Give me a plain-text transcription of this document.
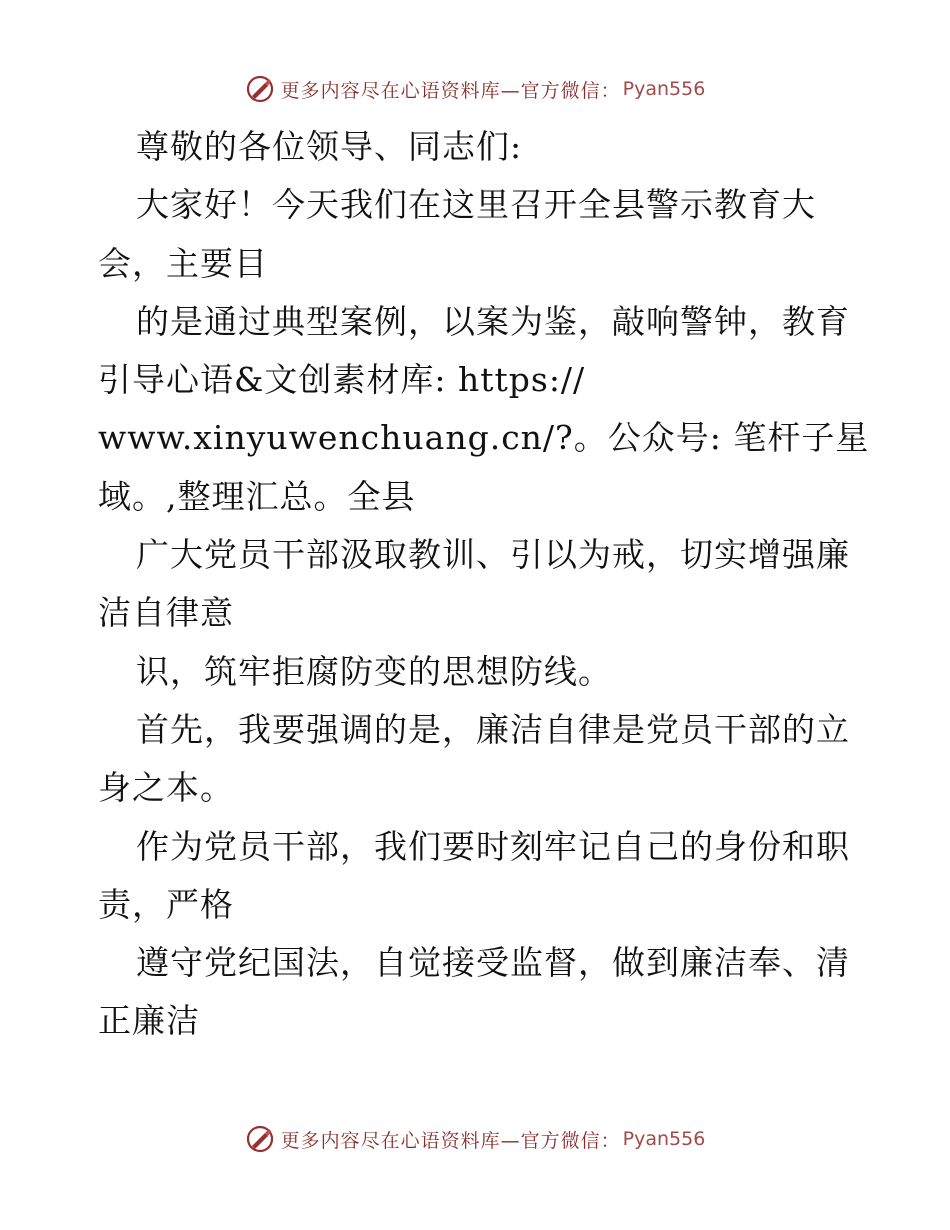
更多内容尽在心语资料库—官方微信： Pyan556
尊敬的各位领导、同志们:
大家好！今天我们在这里召开全县警示教育大
会，主要目
的是通过典型案例，以案为鉴，敲响警钟，教育
引导心语&文创素材库: https://
www.xinyuwenchuang.cn/?。公众号: 笔杆子星
域。,整理汇总。全县
广大党员干部汲取教训、引以为戒，切实增强廉
洁自律意
识，筑牢拒腐防变的思想防线。
首先，我要强调的是，廉洁自律是党员干部的立
身之本。
作为党员干部，我们要时刻牢记自己的身份和职
责，严格
遵守党纪国法，自觉接受监督，做到廉洁奉、清
正廉洁
更多内容尽在心语资料库—官方微信： Pyan556
